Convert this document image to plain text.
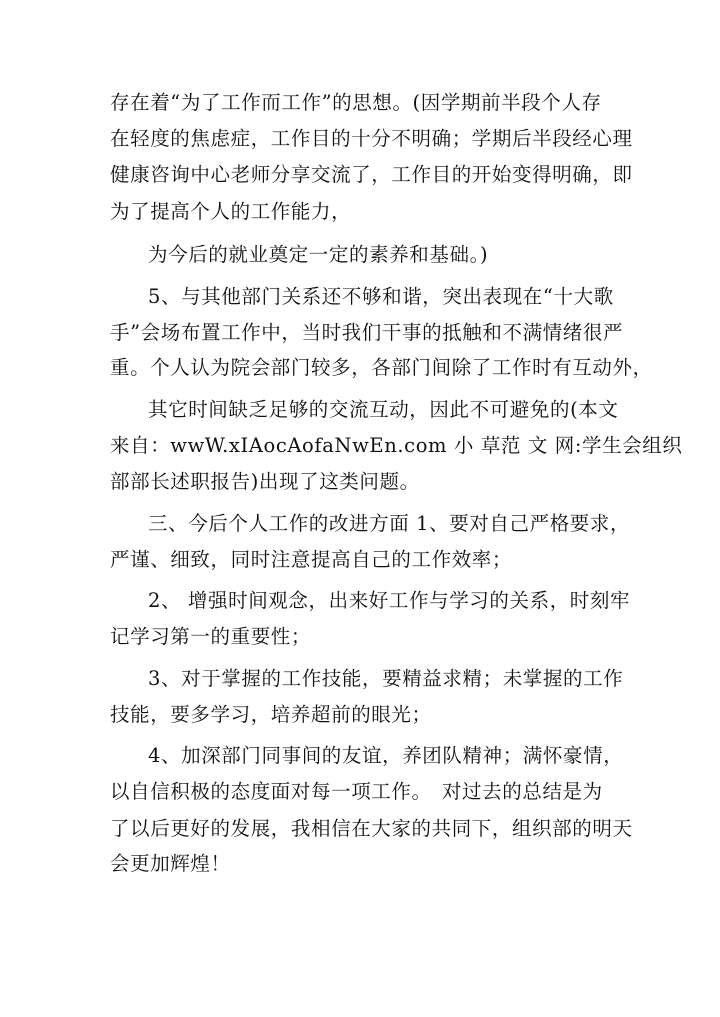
存在着“为了工作而工作”的思想。(因学期前半段个人存
在轻度的焦虑症，工作目的十分不明确；学期后半段经心理
健康咨询中心老师分享交流了，工作目的开始变得明确，即
为了提高个人的工作能力，
为今后的就业奠定一定的素养和基础。)
5、与其他部门关系还不够和谐，突出表现在“十大歌
手”会场布置工作中，当时我们干事的抵触和不满情绪很严
重。个人认为院会部门较多，各部门间除了工作时有互动外，
其它时间缺乏足够的交流互动，因此不可避免的(本文
来自：wwW.xIAocAofaNwEn.com 小 草范 文 网:学生会组织
部部长述职报告)出现了这类问题。
三、今后个人工作的改进方面 1、要对自己严格要求，
严谨、细致，同时注意提高自己的工作效率；
2、 增强时间观念，出来好工作与学习的关系，时刻牢
记学习第一的重要性；
3、对于掌握的工作技能，要精益求精；未掌握的工作
技能，要多学习，培养超前的眼光；
4、加深部门同事间的友谊，养团队精神；满怀豪情，
以自信积极的态度面对每一项工作。　对过去的总结是为
了以后更好的发展，我相信在大家的共同下，组织部的明天
会更加辉煌！
